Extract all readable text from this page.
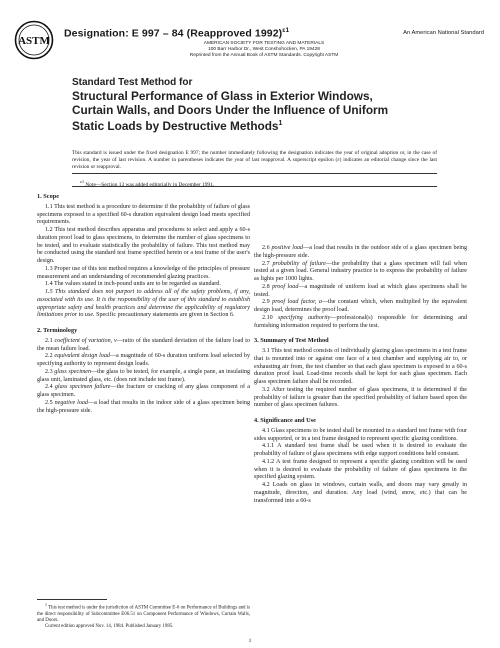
ASTM
Designation: E 997 – 84 (Reapproved 1992)$^{\varepsilon 1}$	An American National Standard
AMERICAN SOCIETY FOR TESTING AND MATERIALS
100 Barr Harbor Dr., West Conshohocken, PA 19428
Reprinted from the Annual Book of ASTM Standards. Copyright ASTM
Standard Test Method for
Structural Performance of Glass in Exterior Windows,
Curtain Walls, and Doors Under the Influence of Uniform
Static Loads by Destructive Methods$^1$
This standard is issued under the fixed designation E 997; the number immediately following the designation indicates the year of original adoption or, in the case of revision, the year of last revision. A number in parentheses indicates the year of last reapproval. A superscript epsilon (ε) indicates an editorial change since the last revision or reapproval.
$^{\varepsilon 1}$ Note—Section 13 was added editorially in December 1991.
1. Scope

1.1 This test method is a procedure to determine if the probability of failure of glass specimens exposed to a specified 60-s duration equivalent design load meets specified requirements.

1.2 This test method describes apparatus and procedures to select and apply a 60-s duration proof load to glass specimens, to determine the number of glass specimens to be tested, and to evaluate statistically the probability of failure. This test method may be conducted using the standard test frame specified herein or a test frame of the user's design.

1.3 Proper use of this test method requires a knowledge of the principles of pressure measurement and an understanding of recommended glazing practices.

1.4 The values stated in inch-pound units are to be regarded as standard.

1.5 This standard does not purport to address all of the safety problems, if any, associated with its use. It is the responsibility of the user of this standard to establish appropriate safety and health practices and determine the applicability of regulatory limitations prior to use. Specific precautionary statements are given in Section 6.

2. Terminology

2.1 coefficient of variation, v—ratio of the standard deviation of the failure load to the mean failure load.

2.2 equivalent design load—a magnitude of 60-s duration uniform load selected by specifying authority to represent design loads.

2.3 glass specimen—the glass to be tested, for example, a single pane, an insulating glass unit, laminated glass, etc. (does not include test frame).

2.4 glass specimen failure—the fracture or cracking of any glass component of a glass specimen.

2.5 negative load—a load that results in the indoor side of a glass specimen being the high-pressure side.

2.6 positive load—a load that results in the outdoor side of a glass specimen being the high-pressure side.

2.7 probability of failure—the probability that a glass specimen will fail when tested at a given load. General industry practice is to express the probability of failure as lights per 1000 lights.

2.8 proof load—a magnitude of uniform load at which glass specimens shall be tested.

2.9 proof load factor, a—the constant which, when multiplied by the equivalent design load, determines the proof load.

2.10 specifying authority—professional(s) responsible for determining and furnishing information required to perform the test.

3. Summary of Test Method

3.1 This test method consists of individually glazing glass specimens in a test frame that is mounted into or against one face of a test chamber and supplying air to, or exhausting air from, the test chamber so that each glass specimen is exposed to a 60-s duration proof load. Load-time records shall be kept for each glass specimen. Each glass specimen failure shall be recorded.

3.2 After testing the required number of glass specimens, it is determined if the probability of failure is greater than the specified probability of failure based upon the number of glass specimen failures.

4. Significance and Use

4.1 Glass specimens to be tested shall be mounted in a standard test frame with four sides supported, or in a test frame designed to represent specific glazing conditions.

4.1.1 A standard test frame shall be used when it is desired to evaluate the probability of failure of glass specimens with edge support conditions held constant.

4.1.2 A test frame designed to represent a specific glazing condition will be used when it is desired to evaluate the probability of failure of glass specimens in the specified glazing system.

4.2 Loads on glass in windows, curtain walls, and doors may vary greatly in magnitude, direction, and duration. Any load (wind, snow, etc.) that can be transformed into a 60-s

$^1$ This test method is under the jurisdiction of ASTM Committee E-6 on Performance of Buildings and is the direct responsibility of Subcommittee E06.51 on Component Performance of Windows, Curtain Walls, and Doors.

Current edition approved Nov. 14, 1984. Published January 1985.

1
